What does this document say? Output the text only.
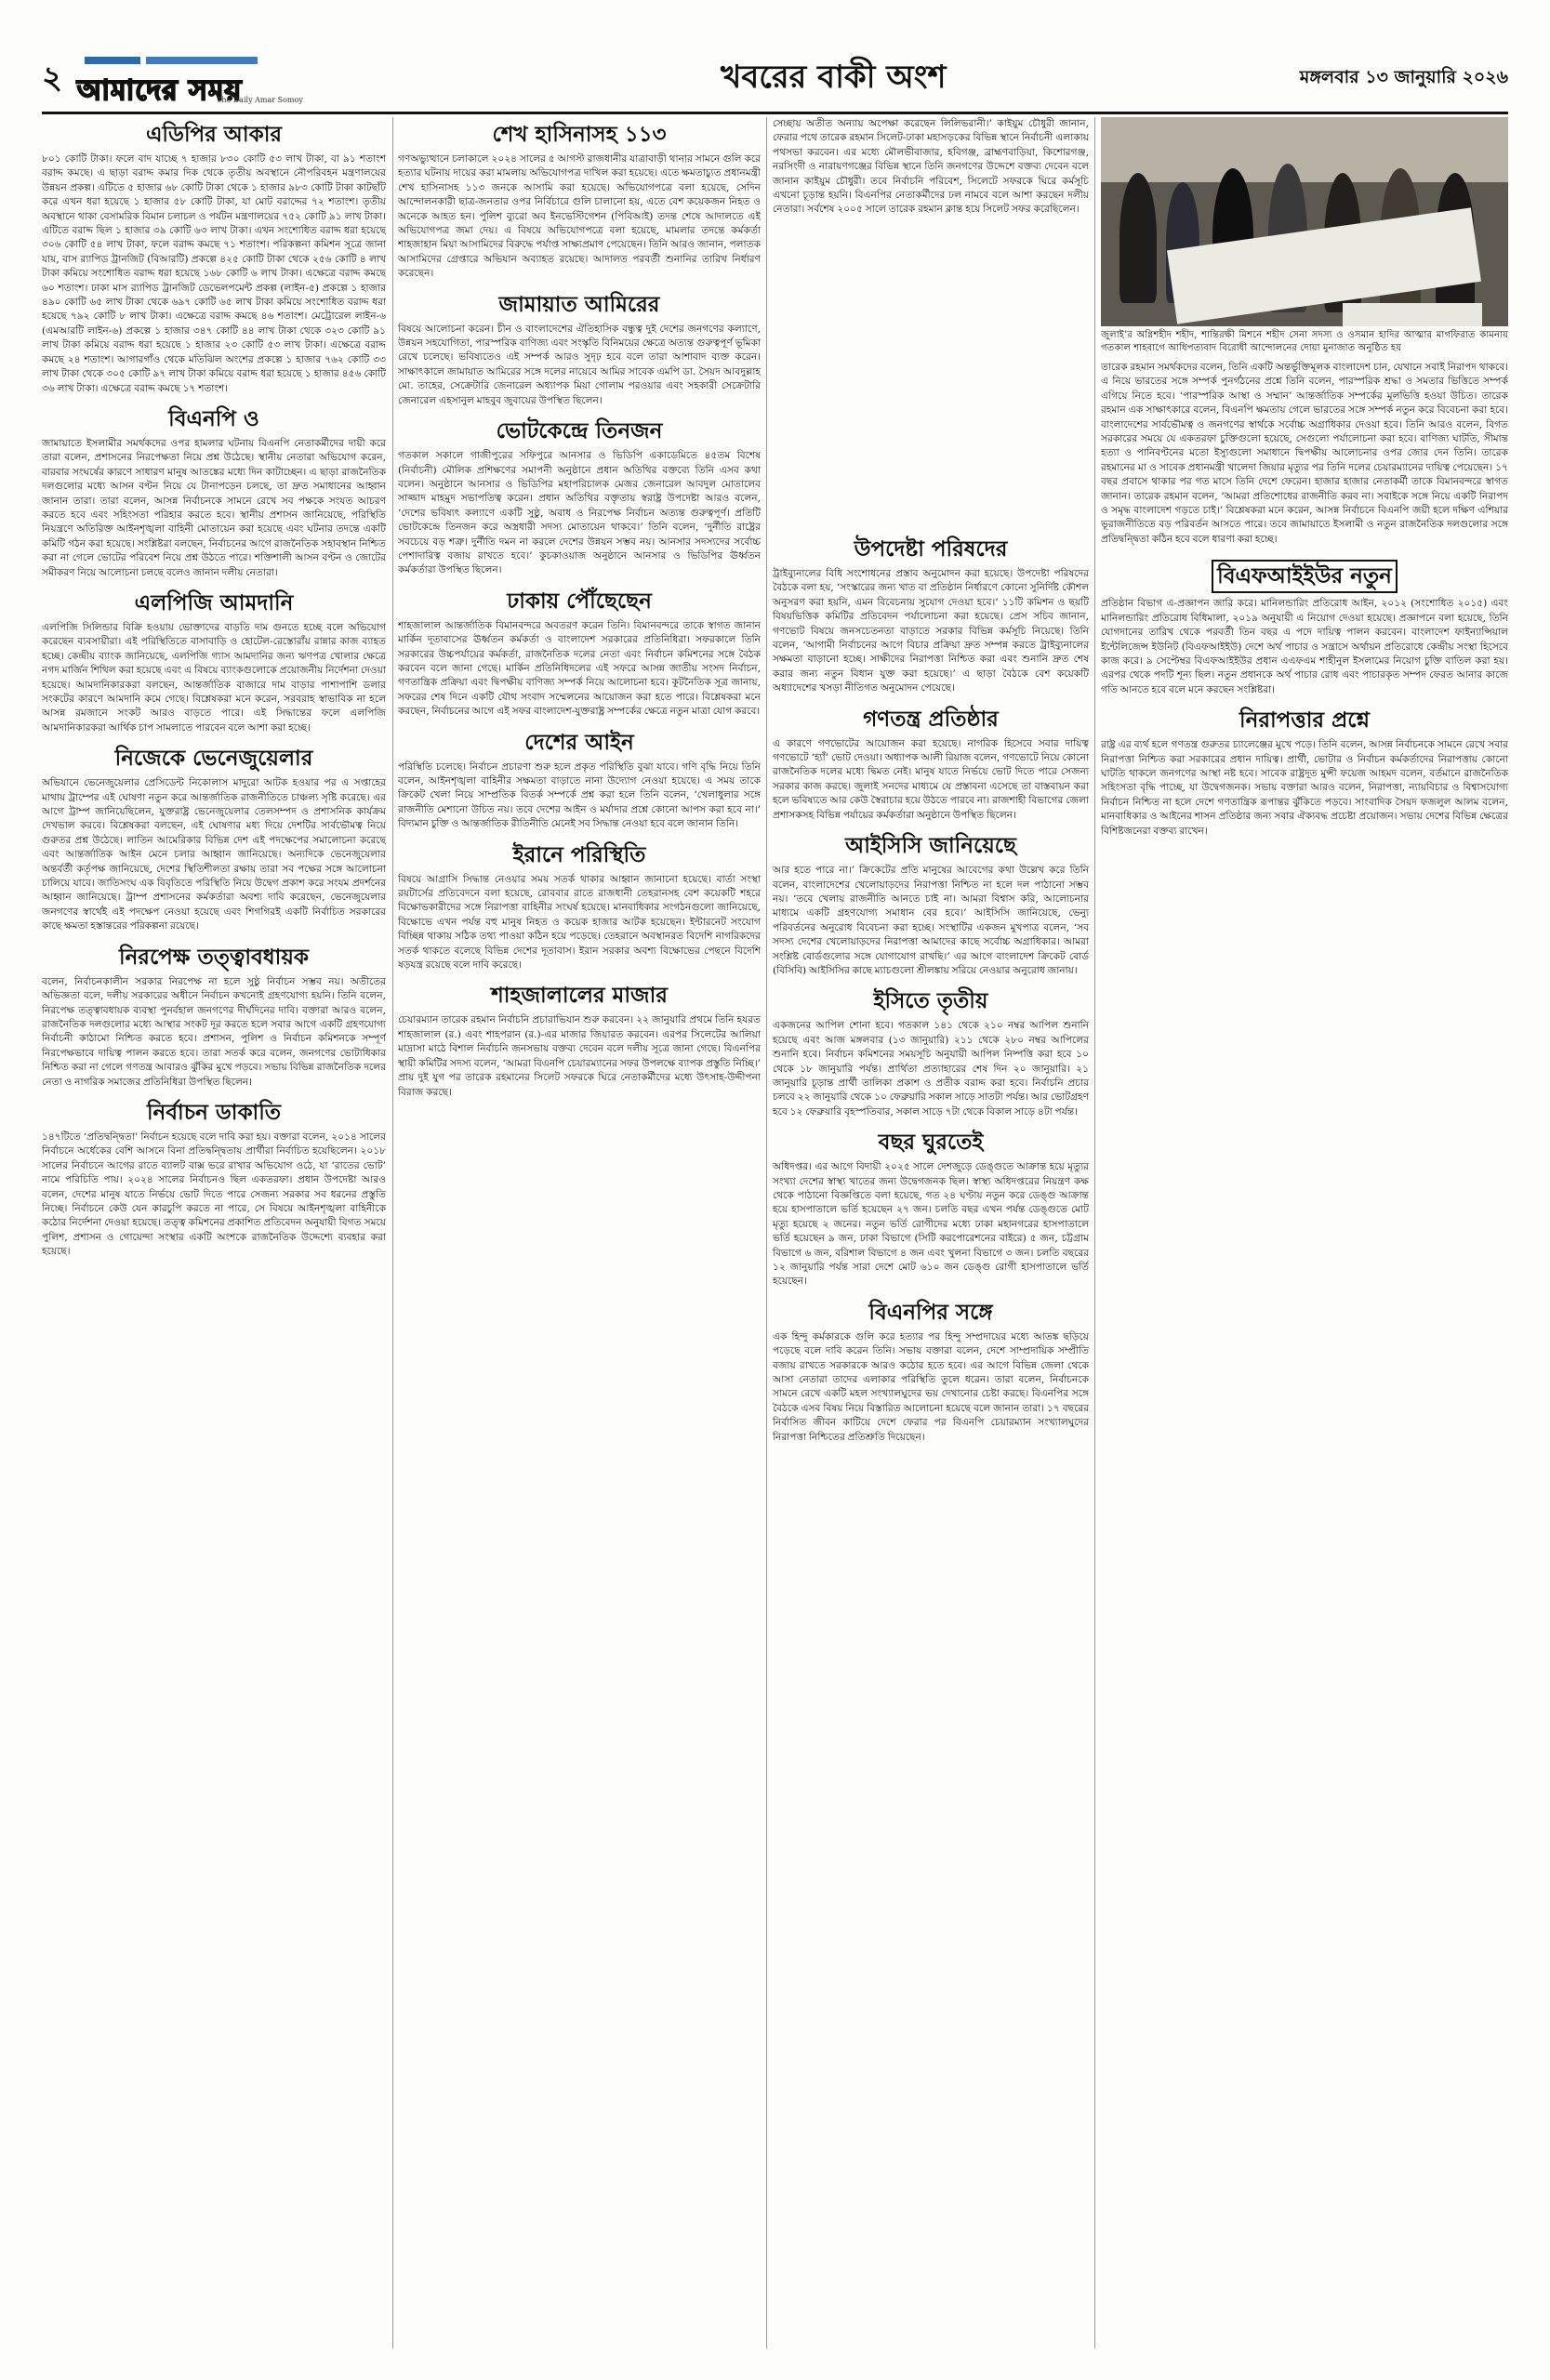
২ আমাদের সময়
The Daily Amar Somoy
খবরের বাকী অংশ	মঙ্গলবার ১৩ জানুয়ারি ২০২৬
এডিপির আকার
৮০১ কোটি টাকা। ফলে বাদ যাচ্ছে ৭ হাজার ৮৩০ কোটি ৫৩ লাখ টাকা, বা ৯১ শতাংশ বরাদ্দ কমছে। এ ছাড়া বরাদ্দ কমার দিক থেকে তৃতীয় অবস্থানে নৌপরিবহন মন্ত্রণালয়ের উন্নয়ন প্রকল্প। এটিতে ৫ হাজার ৬৮ কোটি টাকা থেকে ১ হাজার ৯৮৩ কোটি টাকা কাটছাঁট করে এখন ধরা হয়েছে ১ হাজার ৫৮ কোটি টাকা, যা মোট বরাদ্দের ৭২ শতাংশ। তৃতীয় অবস্থানে থাকা বেসামরিক বিমান চলাচল ও পর্যটন মন্ত্রণালয়ের ৭৫২ কোটি ৯১ লাখ টাকা। এটিতে বরাদ্দ ছিল ১ হাজার ৩৯ কোটি ৬৩ লাখ টাকা। এখন সংশোধিত বরাদ্দ ধরা হয়েছে ৩০৬ কোটি ৫৪ লাখ টাকা, ফলে বরাদ্দ কমছে ৭১ শতাংশ। পরিকল্পনা কমিশন সূত্রে জানা যায়, বাস র‍্যাপিড ট্রানজিট (বিআরটি) প্রকল্পে ৪২৫ কোটি টাকা থেকে ২৫৬ কোটি ৪ লাখ টাকা কমিয়ে সংশোধিত বরাদ্দ ধরা হয়েছে ১৬৮ কোটি ৬ লাখ টাকা। এক্ষেত্রে বরাদ্দ কমছে ৬০ শতাংশ। ঢাকা মাস র‍্যাপিড ট্রানজিট ডেভেলপমেন্ট প্রকল্প (লাইন-৫) প্রকল্পে ১ হাজার ৪৯০ কোটি ৬৫ লাখ টাকা থেকে ৬৯৭ কোটি ৬৫ লাখ টাকা কমিয়ে সংশোধিত বরাদ্দ ধরা হয়েছে ৭৯২ কোটি ৮ লাখ টাকা। এক্ষেত্রে বরাদ্দ কমছে ৪৬ শতাংশ। মেট্রোরেল লাইন-৬ (এমআরটি লাইন-৬) প্রকল্পে ১ হাজার ৩৪৭ কোটি ৪৪ লাখ টাকা থেকে ৩২৩ কোটি ৯১ লাখ টাকা কমিয়ে বরাদ্দ ধরা হয়েছে ১ হাজার ২৩ কোটি ৫৩ লাখ টাকা। এক্ষেত্রে বরাদ্দ কমছে ২৪ শতাংশ। আগারগাঁও থেকে মতিঝিল অংশের প্রকল্পে ১ হাজার ৭৬২ কোটি ৩৩ লাখ টাকা থেকে ৩০৫ কোটি ৯৭ লাখ টাকা কমিয়ে বরাদ্দ ধরা হয়েছে ১ হাজার ৪৫৬ কোটি ৩৬ লাখ টাকা। এক্ষেত্রে বরাদ্দ কমছে ১৭ শতাংশ।
বিএনপি ও
জামায়াতে ইসলামীর সমর্থকদের ওপর হামলার ঘটনায় বিএনপি নেতাকর্মীদের দায়ী করে তারা বলেন, প্রশাসনের নিরপেক্ষতা নিয়ে প্রশ্ন উঠেছে। স্থানীয় নেতারা অভিযোগ করেন, বারবার সংঘর্ষের কারণে সাধারণ মানুষ আতঙ্কের মধ্যে দিন কাটাচ্ছেন। এ ছাড়া রাজনৈতিক দলগুলোর মধ্যে আসন বণ্টন নিয়ে যে টানাপড়েন চলছে, তা দ্রুত সমাধানের আহ্বান জানান তারা। তারা বলেন, আসন্ন নির্বাচনকে সামনে রেখে সব পক্ষকে সংযত আচরণ করতে হবে এবং সহিংসতা পরিহার করতে হবে। স্থানীয় প্রশাসন জানিয়েছে, পরিস্থিতি নিয়ন্ত্রণে অতিরিক্ত আইনশৃঙ্খলা বাহিনী মোতায়েন করা হয়েছে এবং ঘটনার তদন্তে একটি কমিটি গঠন করা হয়েছে। সংশ্লিষ্টরা বলছেন, নির্বাচনের আগে রাজনৈতিক সহাবস্থান নিশ্চিত করা না গেলে ভোটের পরিবেশ নিয়ে প্রশ্ন উঠতে পারে। শক্তিশালী আসন বণ্টন ও জোটের সমীকরণ নিয়ে আলোচনা চলছে বলেও জানান দলীয় নেতারা।
এলপিজি আমদানি
এলপিজি সিলিন্ডার বিক্রি হওয়ায় ভোক্তাদের বাড়তি দাম গুনতে হচ্ছে বলে অভিযোগ করেছেন ব্যবসায়ীরা। এই পরিস্থিতিতে বাসাবাড়ি ও হোটেল-রেস্তোরাঁয় রান্নার কাজ ব্যাহত হচ্ছে। কেন্দ্রীয় ব্যাংক জানিয়েছে, এলপিজি গ্যাস আমদানির জন্য ঋণপত্র খোলার ক্ষেত্রে নগদ মার্জিন শিথিল করা হয়েছে এবং এ বিষয়ে ব্যাংকগুলোকে প্রয়োজনীয় নির্দেশনা দেওয়া হয়েছে। আমদানিকারকরা বলছেন, আন্তর্জাতিক বাজারে দাম বাড়ার পাশাপাশি ডলার সংকটের কারণে আমদানি কমে গেছে। বিশ্লেষকরা মনে করেন, সরবরাহ স্বাভাবিক না হলে আসন্ন রমজানে সংকট আরও বাড়তে পারে। এই সিদ্ধান্তের ফলে এলপিজি আমদানিকারকরা আর্থিক চাপ সামলাতে পারবেন বলে আশা করা হচ্ছে।
নিজেকে ভেনেজুয়েলার
অভিযানে ভেনেজুয়েলার প্রেসিডেন্ট নিকোলাস মাদুরো আটক হওয়ার পর এ সপ্তাহের মাথায় ট্রাম্পের এই ঘোষণা নতুন করে আন্তর্জাতিক রাজনীতিতে চাঞ্চল্য সৃষ্টি করেছে। এর আগে ট্রাম্প জানিয়েছিলেন, যুক্তরাষ্ট্র ভেনেজুয়েলার তেলসম্পদ ও প্রশাসনিক কার্যক্রম দেখভাল করবে। বিশ্লেষকরা বলছেন, এই ঘোষণার মধ্য দিয়ে দেশটির সার্বভৌমত্ব নিয়ে গুরুতর প্রশ্ন উঠেছে। লাতিন আমেরিকার বিভিন্ন দেশ এই পদক্ষেপের সমালোচনা করেছে এবং আন্তর্জাতিক আইন মেনে চলার আহ্বান জানিয়েছে। অন্যদিকে ভেনেজুয়েলার অন্তর্বর্তী কর্তৃপক্ষ জানিয়েছে, দেশের স্থিতিশীলতা রক্ষায় তারা সব পক্ষের সঙ্গে আলোচনা চালিয়ে যাবে। জাতিসংঘ এক বিবৃতিতে পরিস্থিতি নিয়ে উদ্বেগ প্রকাশ করে সংযম প্রদর্শনের আহ্বান জানিয়েছে। ট্রাম্প প্রশাসনের কর্মকর্তারা অবশ্য দাবি করেছেন, ভেনেজুয়েলার জনগণের স্বার্থেই এই পদক্ষেপ নেওয়া হয়েছে এবং শিগগিরই একটি নির্বাচিত সরকারের কাছে ক্ষমতা হস্তান্তরের পরিকল্পনা রয়েছে।
নিরপেক্ষ তত্ত্বাবধায়ক
বলেন, নির্বাচনকালীন সরকার নিরপেক্ষ না হলে সুষ্ঠু নির্বাচন সম্ভব নয়। অতীতের অভিজ্ঞতা বলে, দলীয় সরকারের অধীনে নির্বাচন কখনোই গ্রহণযোগ্য হয়নি। তিনি বলেন, নিরপেক্ষ তত্ত্বাবধায়ক ব্যবস্থা পুনর্বহাল জনগণের দীর্ঘদিনের দাবি। বক্তারা আরও বলেন, রাজনৈতিক দলগুলোর মধ্যে আস্থার সংকট দূর করতে হলে সবার আগে একটি গ্রহণযোগ্য নির্বাচনী কাঠামো নিশ্চিত করতে হবে। প্রশাসন, পুলিশ ও নির্বাচন কমিশনকে সম্পূর্ণ নিরপেক্ষভাবে দায়িত্ব পালন করতে হবে। তারা সতর্ক করে বলেন, জনগণের ভোটাধিকার নিশ্চিত করা না গেলে গণতন্ত্র আবারও ঝুঁকির মুখে পড়বে। সভায় বিভিন্ন রাজনৈতিক দলের নেতা ও নাগরিক সমাজের প্রতিনিধিরা উপস্থিত ছিলেন।
নির্বাচন ডাকাতি
১৪৭টিতে ‘প্রতিদ্বন্দ্বিতা’ নির্বাচন হয়েছে বলে দাবি করা হয়। বক্তারা বলেন, ২০১৪ সালের নির্বাচনে অর্ধেকের বেশি আসনে বিনা প্রতিদ্বন্দ্বিতায় প্রার্থীরা নির্বাচিত হয়েছিলেন। ২০১৮ সালের নির্বাচনে আগের রাতে ব্যালট বাক্স ভরে রাখার অভিযোগ ওঠে, যা ‘রাতের ভোট’ নামে পরিচিতি পায়। ২০২৪ সালের নির্বাচনও ছিল একতরফা। প্রধান উপদেষ্টা আরও বলেন, দেশের মানুষ যাতে নির্ভয়ে ভোট দিতে পারে সেজন্য সরকার সব ধরনের প্রস্তুতি নিচ্ছে। নির্বাচনে কেউ যেন কারচুপি করতে না পারে, সে বিষয়ে আইনশৃঙ্খলা বাহিনীকে কঠোর নির্দেশনা দেওয়া হয়েছে। তত্ত্ব কমিশনের প্রকাশিত প্রতিবেদন অনুযায়ী বিগত সময়ে পুলিশ, প্রশাসন ও গোয়েন্দা সংস্থার একটি অংশকে রাজনৈতিক উদ্দেশ্যে ব্যবহার করা হয়েছে।
শেখ হাসিনাসহ ১১৩
গণঅভ্যুত্থানে চলাকালে ২০২৪ সালের ৫ আগস্ট রাজধানীর যাত্রাবাড়ী থানার সামনে গুলি করে হত্যার ঘটনায় দায়ের করা মামলায় অভিযোগপত্র দাখিল করা হয়েছে। এতে ক্ষমতাচ্যুত প্রধানমন্ত্রী শেখ হাসিনাসহ ১১৩ জনকে আসামি করা হয়েছে। অভিযোগপত্রে বলা হয়েছে, সেদিন আন্দোলনকারী ছাত্র-জনতার ওপর নির্বিচারে গুলি চালানো হয়, এতে বেশ কয়েকজন নিহত ও অনেকে আহত হন। পুলিশ ব্যুরো অব ইনভেস্টিগেশন (পিবিআই) তদন্ত শেষে আদালতে এই অভিযোগপত্র জমা দেয়। এ বিষয়ে অভিযোগপত্রে বলা হয়েছে, মামলার তদন্তে কর্মকর্তা শাহজাহান মিয়া আসামিদের বিরুদ্ধে পর্যাপ্ত সাক্ষ্যপ্রমাণ পেয়েছেন। তিনি আরও জানান, পলাতক আসামিদের গ্রেপ্তারে অভিযান অব্যাহত রয়েছে। আদালত পরবর্তী শুনানির তারিখ নির্ধারণ করেছেন।
জামায়াত আমিরের
বিষয়ে আলোচনা করেন। চীন ও বাংলাদেশের ঐতিহাসিক বন্ধুত্ব দুই দেশের জনগণের কল্যাণে, উন্নয়ন সহযোগিতা, পারস্পরিক বাণিজ্য এবং সংস্কৃতি বিনিময়ের ক্ষেত্রে অত্যন্ত গুরুত্বপূর্ণ ভূমিকা রেখে চলেছে। ভবিষ্যতেও এই সম্পর্ক আরও সুদৃঢ় হবে বলে তারা আশাবাদ ব্যক্ত করেন। সাক্ষাৎকালে জামায়াত আমিরের সঙ্গে দলের নায়েবে আমির সাবেক এমপি ডা. সৈয়দ আবদুল্লাহ মো. তাহের, সেক্রেটারি জেনারেল অধ্যাপক মিয়া গোলাম পরওয়ার এবং সহকারী সেক্রেটারি জেনারেল এহসানুল মাহবুব জুবায়ের উপস্থিত ছিলেন।
ভোটকেন্দ্রে তিনজন
গতকাল সকালে গাজীপুরের সফিপুরে আনসার ও ভিডিপি একাডেমিতে ৪৫তম বিশেষ (নির্বাচনী) মৌলিক প্রশিক্ষণের সমাপনী অনুষ্ঠানে প্রধান অতিথির বক্তব্যে তিনি এসব কথা বলেন। অনুষ্ঠানে আনসার ও ভিডিপির মহাপরিচালক মেজর জেনারেল আবদুল মোতালেব সাজ্জাদ মাহমুদ সভাপতিত্ব করেন। প্রধান অতিথির বক্তৃতায় স্বরাষ্ট্র উপদেষ্টা আরও বলেন, ‘দেশের ভবিষ্যৎ কল্যাণে একটি সুষ্ঠু, অবাধ ও নিরপেক্ষ নির্বাচন অত্যন্ত গুরুত্বপূর্ণ। প্রতিটি ভোটকেন্দ্রে তিনজন করে অস্ত্রধারী সদস্য মোতায়েন থাকবে।’ তিনি বলেন, ‘দুর্নীতি রাষ্ট্রের সবচেয়ে বড় শত্রু। দুর্নীতি দমন না করলে দেশের উন্নয়ন সম্ভব নয়। আনসার সদস্যদের সর্বোচ্চ পেশাদারিত্ব বজায় রাখতে হবে।’ কুচকাওয়াজ অনুষ্ঠানে আনসার ও ভিডিপির ঊর্ধ্বতন কর্মকর্তারা উপস্থিত ছিলেন।
ঢাকায় পৌঁছেছেন
শাহজালাল আন্তর্জাতিক বিমানবন্দরে অবতরণ করেন তিনি। বিমানবন্দরে তাকে স্বাগত জানান মার্কিন দূতাবাসের ঊর্ধ্বতন কর্মকর্তা ও বাংলাদেশ সরকারের প্রতিনিধিরা। সফরকালে তিনি সরকারের উচ্চপর্যায়ের কর্মকর্তা, রাজনৈতিক দলের নেতা এবং নির্বাচন কমিশনের সঙ্গে বৈঠক করবেন বলে জানা গেছে। মার্কিন প্রতিনিধিদলের এই সফরে আসন্ন জাতীয় সংসদ নির্বাচন, গণতান্ত্রিক প্রক্রিয়া এবং দ্বিপক্ষীয় বাণিজ্য সম্পর্ক নিয়ে আলোচনা হবে। কূটনৈতিক সূত্র জানায়, সফরের শেষ দিনে একটি যৌথ সংবাদ সম্মেলনের আয়োজন করা হতে পারে। বিশ্লেষকরা মনে করছেন, নির্বাচনের আগে এই সফর বাংলাদেশ-যুক্তরাষ্ট্র সম্পর্কের ক্ষেত্রে নতুন মাত্রা যোগ করবে।
দেশের আইন
পরিস্থিতি চলেছে। নির্বাচন প্রচারণা শুরু হলে প্রকৃত পরিস্থিতি বুঝা যাবে। গণি বৃদ্ধি নিয়ে তিনি বলেন, আইনশৃঙ্খলা বাহিনীর সক্ষমতা বাড়াতে নানা উদ্যোগ নেওয়া হয়েছে। এ সময় তাকে ক্রিকেট খেলা নিয়ে সাম্প্রতিক বিতর্ক সম্পর্কে প্রশ্ন করা হলে তিনি বলেন, ‘খেলাধুলার সঙ্গে রাজনীতি মেশানো উচিত নয়। তবে দেশের আইন ও মর্যাদার প্রশ্নে কোনো আপস করা হবে না।’ বিদ্যমান চুক্তি ও আন্তর্জাতিক রীতিনীতি মেনেই সব সিদ্ধান্ত নেওয়া হবে বলে জানান তিনি।
ইরানে পরিস্থিতি
বিষয়ে আগ্রাসি সিদ্ধান্ত নেওয়ার সময় সতর্ক থাকার আহ্বান জানানো হয়েছে। বার্তা সংস্থা রয়টার্সের প্রতিবেদনে বলা হয়েছে, রোববার রাতে রাজধানী তেহরানসহ বেশ কয়েকটি শহরে বিক্ষোভকারীদের সঙ্গে নিরাপত্তা বাহিনীর সংঘর্ষ হয়েছে। মানবাধিকার সংগঠনগুলো জানিয়েছে, বিক্ষোভে এখন পর্যন্ত বহু মানুষ নিহত ও কয়েক হাজার আটক হয়েছেন। ইন্টারনেট সংযোগ বিচ্ছিন্ন থাকায় সঠিক তথ্য পাওয়া কঠিন হয়ে পড়েছে। তেহরানে অবস্থানরত বিদেশি নাগরিকদের সতর্ক থাকতে বলেছে বিভিন্ন দেশের দূতাবাস। ইরান সরকার অবশ্য বিক্ষোভের পেছনে বিদেশি ষড়যন্ত্র রয়েছে বলে দাবি করেছে।
শাহজালালের মাজার
চেয়ারম্যান তারেক রহমান নির্বাচনি প্রচারাভিযান শুরু করবেন। ২২ জানুয়ারি প্রথমে তিনি হযরত শাহজালাল (র.) এবং শাহপরান (র.)-এর মাজার জিয়ারত করবেন। এরপর সিলেটের আলিয়া মাদ্রাসা মাঠে বিশাল নির্বাচনি জনসভায় বক্তব্য দেবেন বলে দলীয় সূত্রে জানা গেছে। বিএনপির স্থায়ী কমিটির সদস্য বলেন, ‘আমরা বিএনপি চেয়ারম্যানের সফর উপলক্ষে ব্যাপক প্রস্তুতি নিচ্ছি।’ প্রায় দুই যুগ পর তারেক রহমানের সিলেট সফরকে ঘিরে নেতাকর্মীদের মধ্যে উৎসাহ-উদ্দীপনা বিরাজ করছে।
সেচ্ছায় অতীত অন্যায় অপেক্ষা করেছেন লিলিভরানী।’ কাইয়ুম চৌধুরী জানান, ফেরার পথে তারেক রহমান সিলেট-ঢাকা মহাসড়কের বিভিন্ন স্থানে নির্বাচনী এলাকায় পথসভা করবেন। এর মধ্যে মৌলভীবাজার, হবিগঞ্জ, ব্রাহ্মণবাড়িয়া, কিশোরগঞ্জ, নরসিংদী ও নারায়ণগঞ্জের বিভিন্ন স্থানে তিনি জনগণের উদ্দেশে বক্তব্য দেবেন বলে জানান কাইয়ুম চৌধুরী। তবে নির্বাচনি পরিবেশ, সিলেটে সফরকে ঘিরে কর্মসূচি এখনো চূড়ান্ত হয়নি। বিএনপির নেতাকর্মীদের ঢল নামবে বলে আশা করছেন দলীয় নেতারা। সর্বশেষ ২০০৫ সালে তারেক রহমান ক্লান্ত হয়ে সিলেট সফর করেছিলেন।
উপদেষ্টা পরিষদের
ট্রাইব্যুনালের বিধি সংশোধনের প্রস্তাব অনুমোদন করা হয়েছে। উপদেষ্টা পরিষদের বৈঠকে বলা হয়, ‘সংস্কারের জন্য খাত বা প্রতিষ্ঠান নির্ধারণে কোনো সুনির্দিষ্ট কৌশল অনুসরণ করা হয়নি, এমন বিবেচনায় সুযোগ দেওয়া হবে।’ ১১টি কমিশন ও ছয়টি বিষয়ভিত্তিক কমিটির প্রতিবেদন পর্যালোচনা করা হয়েছে। প্রেস সচিব জানান, গণভোট বিষয়ে জনসচেতনতা বাড়াতে সরকার বিভিন্ন কর্মসূচি নিয়েছে। তিনি বলেন, ‘আগামী নির্বাচনের আগে বিচার প্রক্রিয়া দ্রুত সম্পন্ন করতে ট্রাইব্যুনালের সক্ষমতা বাড়ানো হচ্ছে। সাক্ষীদের নিরাপত্তা নিশ্চিত করা এবং শুনানি দ্রুত শেষ করার জন্য নতুন বিধান যুক্ত করা হয়েছে।’ এ ছাড়া বৈঠকে বেশ কয়েকটি অধ্যাদেশের খসড়া নীতিগত অনুমোদন পেয়েছে।
গণতন্ত্র প্রতিষ্ঠার
এ কারণে গণভোটের আয়োজন করা হয়েছে। নাগরিক হিসেবে সবার দায়িত্ব গণভোটে ‘হ্যাঁ’ ভোট দেওয়া। অধ্যাপক আলী রিয়াজ বলেন, গণভোটে নিয়ে কোনো রাজনৈতিক দলের মধ্যে দ্বিমত নেই। মানুষ যাতে নির্ভয়ে ভোট দিতে পারে সেজন্য সরকার কাজ করছে। জুলাই সনদের মাধ্যমে যে প্রস্তাবনা এসেছে তা বাস্তবায়ন করা হলে ভবিষ্যতে আর কেউ স্বৈরাচার হয়ে উঠতে পারবে না। রাজশাহী বিভাগের জেলা প্রশাসকসহ বিভিন্ন পর্যায়ের কর্মকর্তারা অনুষ্ঠানে উপস্থিত ছিলেন।
আইসিসি জানিয়েছে
আর হতে পারে না।’ ক্রিকেটের প্রতি মানুষের আবেগের কথা উল্লেখ করে তিনি বলেন, বাংলাদেশের খেলোয়াড়দের নিরাপত্তা নিশ্চিত না হলে দল পাঠানো সম্ভব নয়। ‘তবে খেলায় রাজনীতি আনতে চাই না। আমরা বিশ্বাস করি, আলোচনার মাধ্যমে একটি গ্রহণযোগ্য সমাধান বের হবে।’ আইসিসি জানিয়েছে, ভেন্যু পরিবর্তনের অনুরোধ বিবেচনা করা হচ্ছে। সংস্থাটির একজন মুখপাত্র বলেন, ‘সব সদস্য দেশের খেলোয়াড়দের নিরাপত্তা আমাদের কাছে সর্বোচ্চ অগ্রাধিকার। আমরা সংশ্লিষ্ট বোর্ডগুলোর সঙ্গে যোগাযোগ রাখছি।’ এর আগে বাংলাদেশ ক্রিকেট বোর্ড (বিসিবি) আইসিসির কাছে ম্যাচগুলো শ্রীলঙ্কায় সরিয়ে নেওয়ার অনুরোধ জানায়।
ইসিতে তৃতীয়
একজনের আপিল শোনা হবে। গতকাল ১৪১ থেকে ২১০ নম্বর আপিল শুনানি হয়েছে এবং আজ মঙ্গলবার (১৩ জানুয়ারি) ২১১ থেকে ২৮০ নম্বর আপিলের শুনানি হবে। নির্বাচন কমিশনের সময়সূচি অনুযায়ী আপিল নিষ্পত্তি করা হবে ১০ থেকে ১৮ জানুয়ারি পর্যন্ত। প্রার্থিতা প্রত্যাহারের শেষ দিন ২০ জানুয়ারি। ২১ জানুয়ারি চূড়ান্ত প্রার্থী তালিকা প্রকাশ ও প্রতীক বরাদ্দ করা হবে। নির্বাচনি প্রচার চলবে ২২ জানুয়ারি থেকে ১০ ফেব্রুয়ারি সকাল সাড়ে সাতটা পর্যন্ত। আর ভোটগ্রহণ হবে ১২ ফেব্রুয়ারি বৃহস্পতিবার, সকাল সাড়ে ৭টা থেকে বিকাল সাড়ে ৪টা পর্যন্ত।
বছর ঘুরতেই
অধিদপ্তর। এর আগে বিদায়ী ২০২৫ সালে দেশজুড়ে ডেঙ্গুতে আক্রান্ত হয়ে মৃত্যুর সংখ্যা দেশের স্বাস্থ্য খাতের জন্য উদ্বেগজনক ছিল। স্বাস্থ্য অধিদপ্তরের নিয়ন্ত্রণ কক্ষ থেকে পাঠানো বিজ্ঞপ্তিতে বলা হয়েছে, গত ২৪ ঘণ্টায় নতুন করে ডেঙ্গু আক্রান্ত হয়ে হাসপাতালে ভর্তি হয়েছেন ২৭ জন। চলতি বছর এখন পর্যন্ত ডেঙ্গুতে মোট মৃত্যু হয়েছে ২ জনের। নতুন ভর্তি রোগীদের মধ্যে ঢাকা মহানগরের হাসপাতালে ভর্তি হয়েছেন ৯ জন, ঢাকা বিভাগে (সিটি করপোরেশনের বাইরে) ৫ জন, চট্টগ্রাম বিভাগে ৬ জন, বরিশাল বিভাগে ৪ জন এবং খুলনা বিভাগে ৩ জন। চলতি বছরের ১২ জানুয়ারি পর্যন্ত সারা দেশে মোট ৬১০ জন ডেঙ্গু রোগী হাসপাতালে ভর্তি হয়েছেন।
বিএনপির সঙ্গে
এক হিন্দু কর্মকারকে গুলি করে হত্যার পর হিন্দু সম্প্রদায়ের মধ্যে আতঙ্ক ছড়িয়ে পড়েছে বলে দাবি করেন তিনি। সভায় বক্তারা বলেন, দেশে সাম্প্রদায়িক সম্প্রীতি বজায় রাখতে সরকারকে আরও কঠোর হতে হবে। এর আগে বিভিন্ন জেলা থেকে আসা নেতারা তাদের এলাকার পরিস্থিতি তুলে ধরেন। তারা বলেন, নির্বাচনকে সামনে রেখে একটি মহল সংখ্যালঘুদের ভয় দেখানোর চেষ্টা করছে। বিএনপির সঙ্গে বৈঠকে এসব বিষয় নিয়ে বিস্তারিত আলোচনা হয়েছে বলে জানান তারা। ১৭ বছরের নির্বাসিত জীবন কাটিয়ে দেশে ফেরার পর বিএনপি চেয়ারম্যান সংখ্যালঘুদের নিরাপত্তা নিশ্চিতের প্রতিশ্রুতি দিয়েছেন।
জুলাই’র অগ্নিশহীদ শহীদ, শান্তিরক্ষী মিশনে শহীদ সেনা সদস্য ও ওসমান হাদির আত্মার মাগফিরাত কামনায় গতকাল শাহবাগে আধিপত্যবাদ বিরোধী আন্দোলনের দোয়া মুনাজাত অনুষ্ঠিত হয়
তারেক রহমান সমর্থকদের বলেন, তিনি একটি অন্তর্ভুক্তিমূলক বাংলাদেশ চান, যেখানে সবাই নিরাপদ থাকবে। এ নিয়ে ভারতের সঙ্গে সম্পর্ক পুনর্গঠনের প্রশ্নে তিনি বলেন, পারস্পরিক শ্রদ্ধা ও সমতার ভিত্তিতে সম্পর্ক এগিয়ে নিতে হবে। ‘পারস্পরিক আস্থা ও সম্মান’ আন্তর্জাতিক সম্পর্কের মূলভিত্তি হওয়া উচিত। তারেক রহমান এক সাক্ষাৎকারে বলেন, বিএনপি ক্ষমতায় গেলে ভারতের সঙ্গে সম্পর্ক নতুন করে বিবেচনা করা হবে। বাংলাদেশের সার্বভৌমত্ব ও জনগণের স্বার্থকে সর্বোচ্চ অগ্রাধিকার দেওয়া হবে। তিনি আরও বলেন, বিগত সরকারের সময়ে যে একতরফা চুক্তিগুলো হয়েছে, সেগুলো পর্যালোচনা করা হবে। বাণিজ্য ঘাটতি, সীমান্ত হত্যা ও পানিবণ্টনের মতো ইস্যুগুলো সমাধানে দ্বিপক্ষীয় আলোচনার ওপর জোর দেন তিনি। তারেক রহমানের মা ও সাবেক প্রধানমন্ত্রী খালেদা জিয়ার মৃত্যুর পর তিনি দলের চেয়ারম্যানের দায়িত্ব পেয়েছেন। ১৭ বছর প্রবাসে থাকার পর গত মাসে তিনি দেশে ফেরেন। হাজার হাজার নেতাকর্মী তাকে বিমানবন্দরে স্বাগত জানান। তারেক রহমান বলেন, ‘আমরা প্রতিশোধের রাজনীতি করব না। সবাইকে সঙ্গে নিয়ে একটি নিরাপদ ও সমৃদ্ধ বাংলাদেশ গড়তে চাই।’ বিশ্লেষকরা মনে করেন, আসন্ন নির্বাচনে বিএনপি জয়ী হলে দক্ষিণ এশিয়ার ভূরাজনীতিতে বড় পরিবর্তন আসতে পারে। তবে জামায়াতে ইসলামী ও নতুন রাজনৈতিক দলগুলোর সঙ্গে প্রতিদ্বন্দ্বিতা কঠিন হবে বলে ধারণা করা হচ্ছে।
বিএফআইইউর নতুন
প্রতিষ্ঠান বিভাগ এ-প্রজ্ঞাপন জারি করে। মানিলন্ডারিং প্রতিরোধ আইন, ২০১২ (সংশোধিত ২০১৫) এবং মানিলন্ডারিং প্রতিরোধ বিধিমালা, ২০১৯ অনুযায়ী এ নিয়োগ দেওয়া হয়েছে। প্রজ্ঞাপনে বলা হয়েছে, তিনি যোগদানের তারিখ থেকে পরবর্তী তিন বছর এ পদে দায়িত্ব পালন করবেন। বাংলাদেশ ফাইন্যান্সিয়াল ইন্টেলিজেন্স ইউনিট (বিএফআইইউ) দেশে অর্থ পাচার ও সন্ত্রাসে অর্থায়ন প্রতিরোধে কেন্দ্রীয় সংস্থা হিসেবে কাজ করে। ৯ সেপ্টেম্বর বিএফআইইউর প্রধান এএফএম শাহীনুল ইসলামের নিয়োগ চুক্তি বাতিল করা হয়। এরপর থেকে পদটি শূন্য ছিল। নতুন প্রধানকে অর্থ পাচার রোধ এবং পাচারকৃত সম্পদ ফেরত আনার কাজে গতি আনতে হবে বলে মনে করছেন সংশ্লিষ্টরা।
নিরাপত্তার প্রশ্নে
রাষ্ট্র এর ব্যর্থ হলে গণতন্ত্র গুরুতর চ্যালেঞ্জের মুখে পড়ে। তিনি বলেন, আসন্ন নির্বাচনকে সামনে রেখে সবার নিরাপত্তা নিশ্চিত করা সরকারের প্রধান দায়িত্ব। প্রার্থী, ভোটার ও নির্বাচন কর্মকর্তাদের নিরাপত্তায় কোনো ঘাটতি থাকলে জনগণের আস্থা নষ্ট হবে। সাবেক রাষ্ট্রদূত মুন্সী ফয়েজ আহমদ বলেন, বর্তমানে রাজনৈতিক সহিংসতা বৃদ্ধি পাচ্ছে, যা উদ্বেগজনক। সভায় বক্তারা আরও বলেন, নিরাপত্তা, ন্যায়বিচার ও বিশ্বাসযোগ্য নির্বাচন নিশ্চিত না হলে দেশে গণতান্ত্রিক রূপান্তর ঝুঁকিতে পড়বে। সাংবাদিক সৈয়দ ফজলুল আলম বলেন, মানবাধিকার ও আইনের শাসন প্রতিষ্ঠার জন্য সবার ঐক্যবদ্ধ প্রচেষ্টা প্রয়োজন। সভায় দেশের বিভিন্ন ক্ষেত্রের বিশিষ্টজনেরা বক্তব্য রাখেন।
